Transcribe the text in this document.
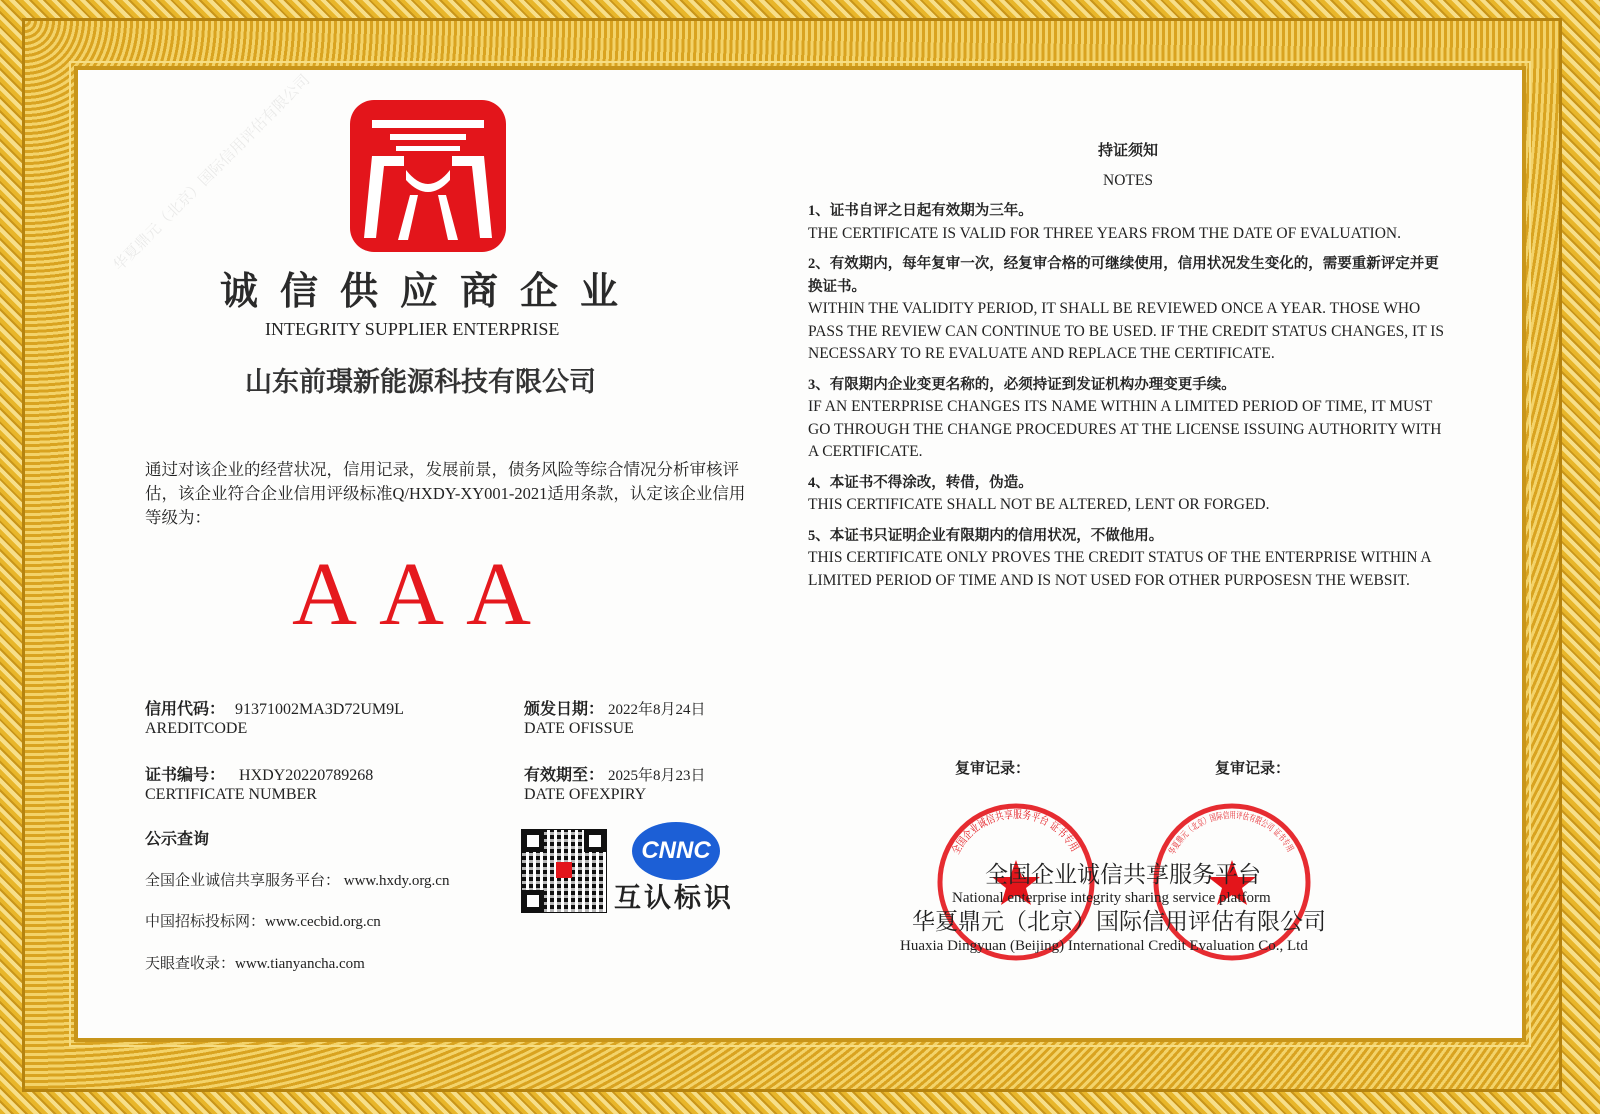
华夏鼎元（北京）国际信用评估有限公司
诚信供应商企业
INTEGRITY SUPPLIER ENTERPRISE
山东前璟新能源科技有限公司
通过对该企业的经营状况，信用记录，发展前景，债务风险等综合情况分析审核评估，该企业符合企业信用评级标准Q/HXDY-XY001-2021适用条款，认定该企业信用等级为：
AAA
信用代码： 91371002MA3D72UM9L
AREDITCODE
证书编号： HXDY20220789268
CERTIFICATE NUMBER
颁发日期： 2022年8月24日
DATE OFISSUE
有效期至： 2025年8月23日
DATE OFEXPIRY
公示查询
全国企业诚信共享服务平台： www.hxdy.org.cn
中国招标投标网：www.cecbid.org.cn
天眼查收录：www.tianyancha.com
CNNC
互认标识
持证须知
NOTES
1、证书自评之日起有效期为三年。
THE CERTIFICATE IS VALID FOR THREE YEARS FROM THE DATE OF EVALUATION.
2、有效期内，每年复审一次，经复审合格的可继续使用，信用状况发生变化的，需要重新评定并更换证书。
WITHIN THE VALIDITY PERIOD, IT SHALL BE REVIEWED ONCE A YEAR. THOSE WHO PASS THE REVIEW CAN CONTINUE TO BE USED. IF THE CREDIT STATUS CHANGES, IT IS NECESSARY TO RE EVALUATE AND REPLACE THE CERTIFICATE.
3、有限期内企业变更名称的，必须持证到发证机构办理变更手续。
IF AN ENTERPRISE CHANGES ITS NAME WITHIN A LIMITED PERIOD OF TIME, IT MUST GO THROUGH THE CHANGE PROCEDURES AT THE LICENSE ISSUING AUTHORITY WITH A CERTIFICATE.
4、本证书不得涂改，转借，伪造。
THIS CERTIFICATE SHALL NOT BE ALTERED, LENT OR FORGED.
5、本证书只证明企业有限期内的信用状况，不做他用。
THIS CERTIFICATE ONLY PROVES THE CREDIT STATUS OF THE ENTERPRISE WITHIN A LIMITED PERIOD OF TIME AND IS NOT USED FOR OTHER PURPOSESN THE WEBSIT.
复审记录：	复审记录：
全国企业诚信共享服务平台 证书专用	华夏鼎元（北京）国际信用评估有限公司 证书专用
全国企业诚信共享服务平台
National enterprise integrity sharing service platform
华夏鼎元（北京）国际信用评估有限公司
Huaxia Dingyuan (Beijing) International Credit Evaluation Co., Ltd
